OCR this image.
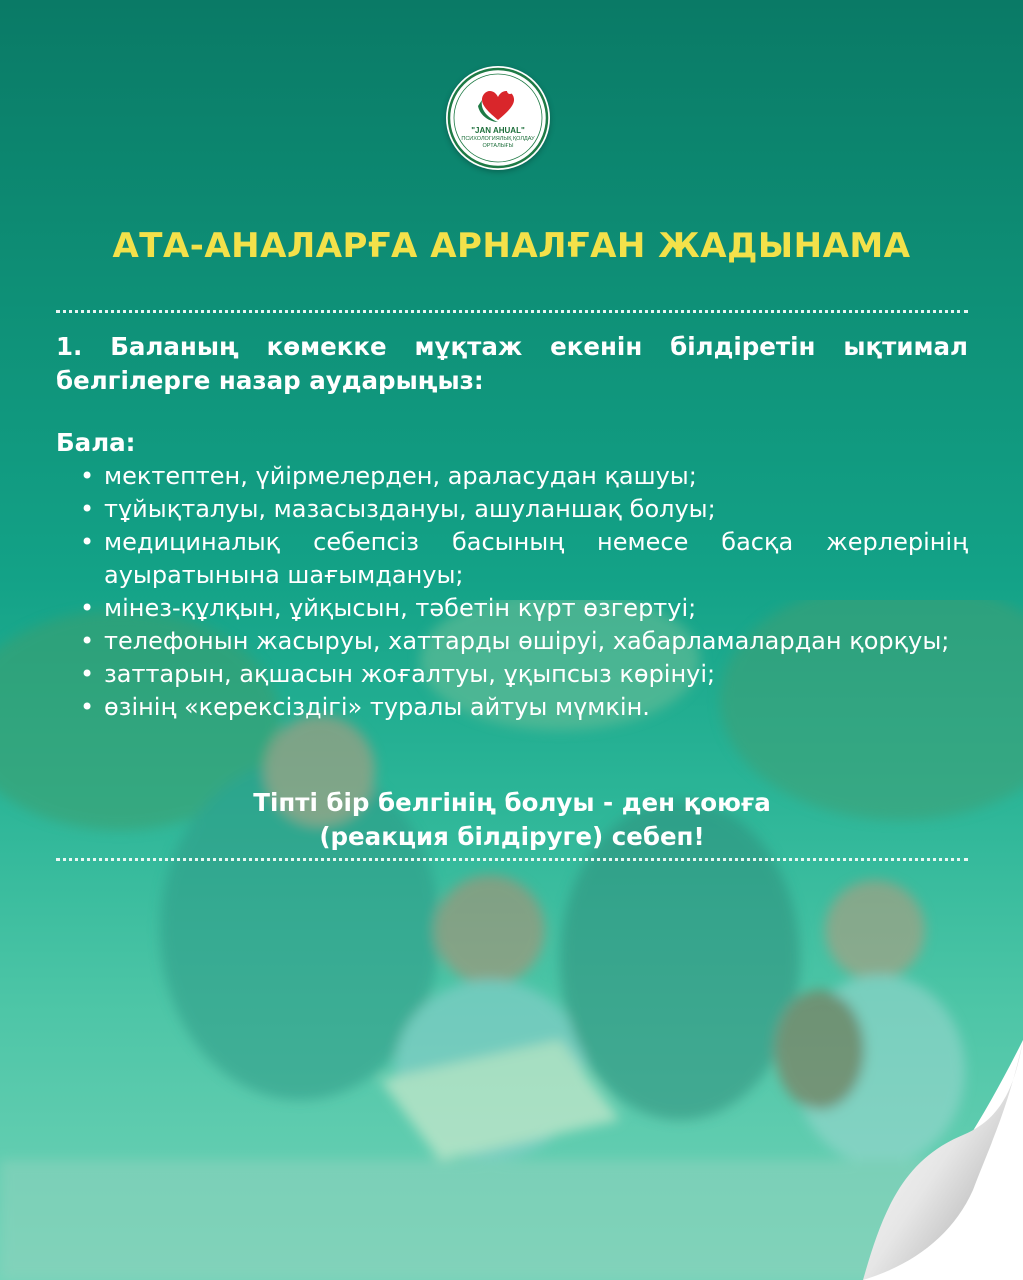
"JAN AHUAL"
ПСИХОЛОГИЯЛЫҚ ҚОЛДАУ ОРТАЛЫҒЫ
АТА-АНАЛАРҒА АРНАЛҒАН ЖАДЫНАМА
1. Баланың көмекке мұқтаж екенін білдіретін ықтимал белгілерге назар аударыңыз:
Бала:
• мектептен, үйірмелерден, араласудан қашуы;
• тұйықталуы, мазасыздануы, ашуланшақ болуы;
• медициналық себепсіз басының немесе басқа жерлерінің ауыратынына шағымдануы;
• мінез-құлқын, ұйқысын, тәбетін күрт өзгертуі;
• телефонын жасыруы, хаттарды өшіруі, хабарламалардан қорқуы;
• заттарын, ақшасын жоғалтуы, ұқыпсыз көрінуі;
• өзінің «керексіздігі» туралы айтуы мүмкін.
Тіпті бір белгінің болуы - ден қоюға
(реакция білдіруге) себеп!
